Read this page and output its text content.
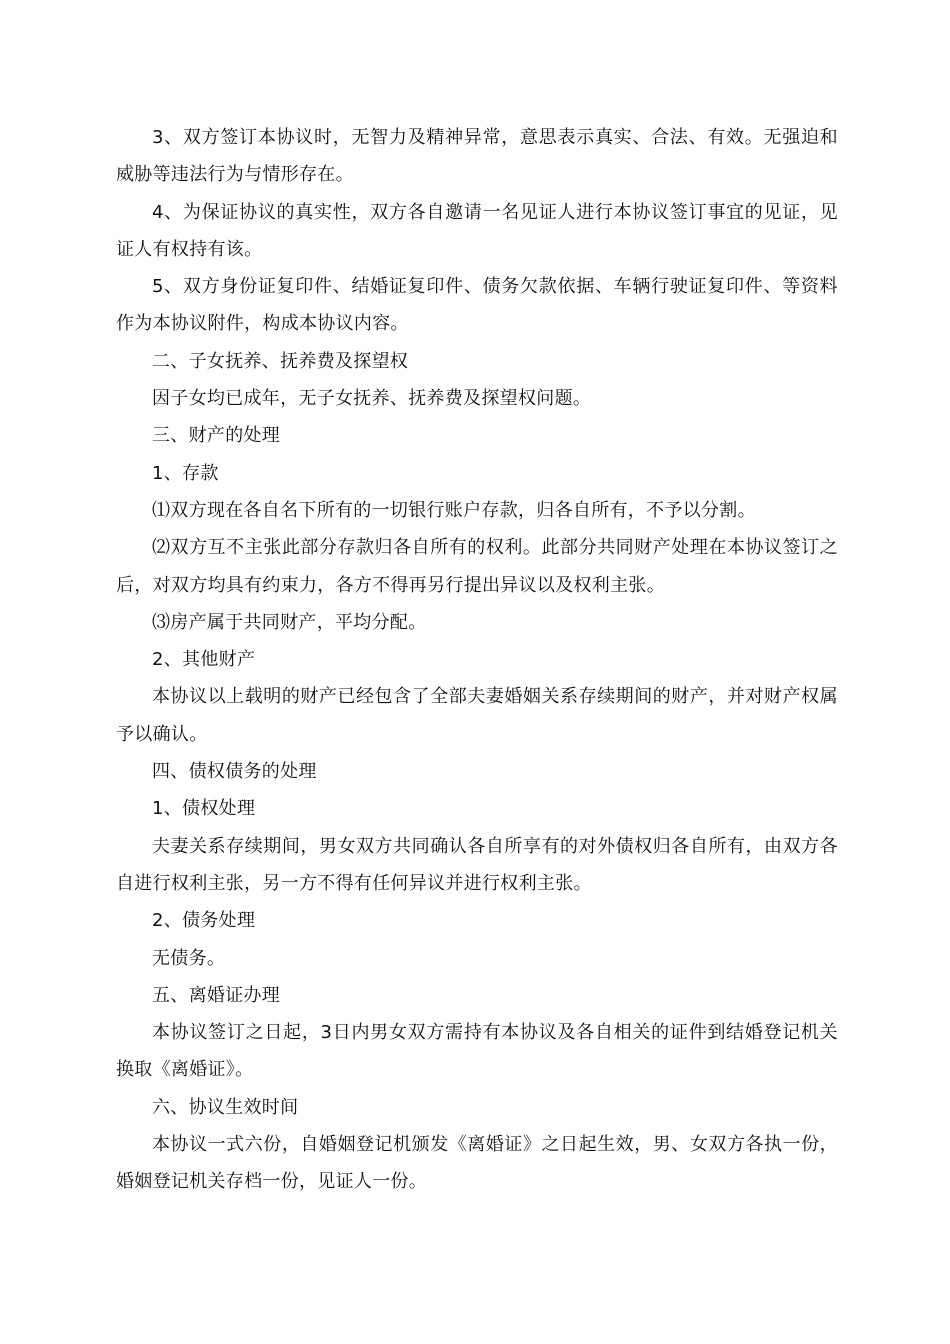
3、双方签订本协议时，无智力及精神异常，意思表示真实、合法、有效。无强迫和威胁等违法行为与情形存在。

4、为保证协议的真实性，双方各自邀请一名见证人进行本协议签订事宜的见证，见证人有权持有该。

5、双方身份证复印件、结婚证复印件、债务欠款依据、车辆行驶证复印件、等资料作为本协议附件，构成本协议内容。

二、子女抚养、抚养费及探望权

因子女均已成年，无子女抚养、抚养费及探望权问题。

三、财产的处理

1、存款

⑴双方现在各自名下所有的一切银行账户存款，归各自所有，不予以分割。

⑵双方互不主张此部分存款归各自所有的权利。此部分共同财产处理在本协议签订之后，对双方均具有约束力，各方不得再另行提出异议以及权利主张。

⑶房产属于共同财产，平均分配。

2、其他财产

本协议以上载明的财产已经包含了全部夫妻婚姻关系存续期间的财产，并对财产权属予以确认。

四、债权债务的处理

1、债权处理

夫妻关系存续期间，男女双方共同确认各自所享有的对外债权归各自所有，由双方各自进行权利主张，另一方不得有任何异议并进行权利主张。

2、债务处理

无债务。

五、离婚证办理

本协议签订之日起，3日内男女双方需持有本协议及各自相关的证件到结婚登记机关换取《离婚证》。

六、协议生效时间

本协议一式六份，自婚姻登记机颁发《离婚证》之日起生效，男、女双方各执一份，婚姻登记机关存档一份，见证人一份。
